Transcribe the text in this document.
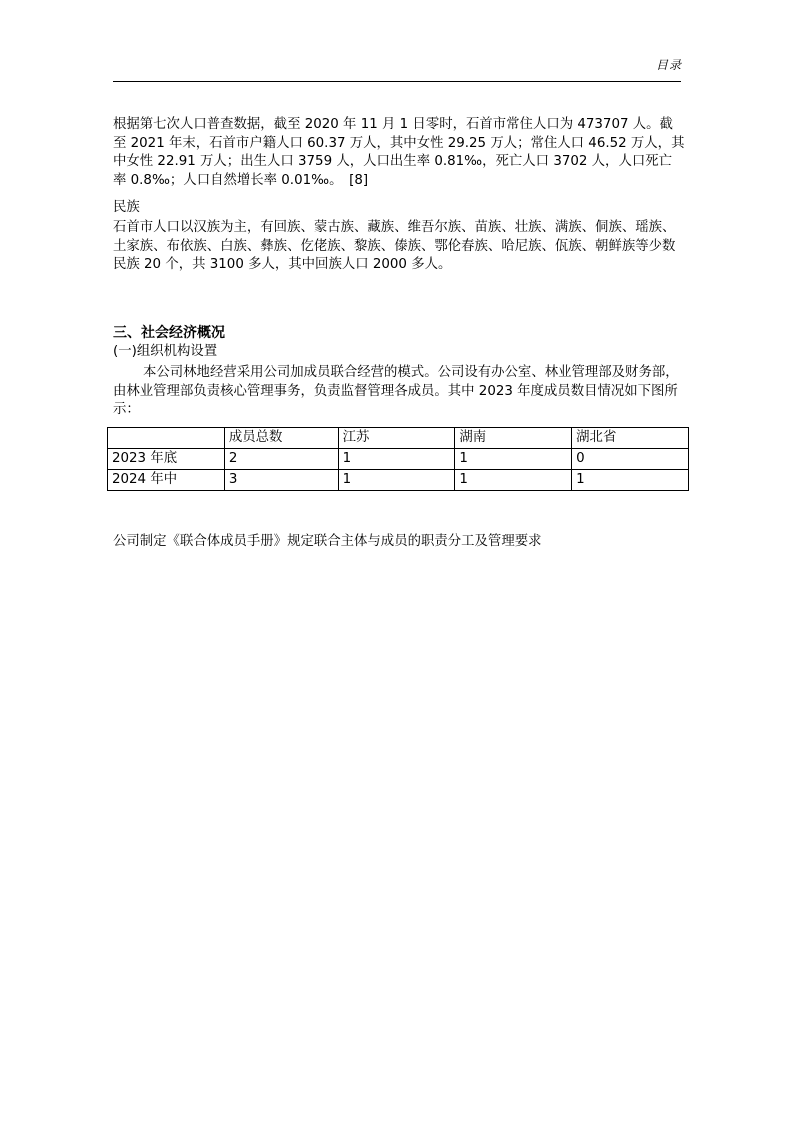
目录

根据第七次人口普查数据，截至 2020 年 11 月 1 日零时，石首市常住人口为 473707 人。截至 2021 年末，石首市户籍人口 60.37 万人，其中女性 29.25 万人；常住人口 46.52 万人，其中女性 22.91 万人；出生人口 3759 人，人口出生率 0.81‰，死亡人口 3702 人，人口死亡率 0.8‰；人口自然增长率 0.01‰。　[8]

民族

石首市人口以汉族为主，有回族、蒙古族、藏族、维吾尔族、苗族、壮族、满族、侗族、瑶族、土家族、布依族、白族、彝族、仡佬族、黎族、傣族、鄂伦春族、哈尼族、佤族、朝鲜族等少数民族 20 个，共 3100 多人，其中回族人口 2000 多人。

三、社会经济概况

(一)组织机构设置

本公司林地经营采用公司加成员联合经营的模式。公司设有办公室、林业管理部及财务部，由林业管理部负责核心管理事务，负责监督管理各成员。其中 2023 年度成员数目情况如下图所示：

	成员总数	江苏	湖南	湖北省
2023 年底	2	1	1	0
2024 年中	3	1	1	1

公司制定《联合体成员手册》规定联合主体与成员的职责分工及管理要求
